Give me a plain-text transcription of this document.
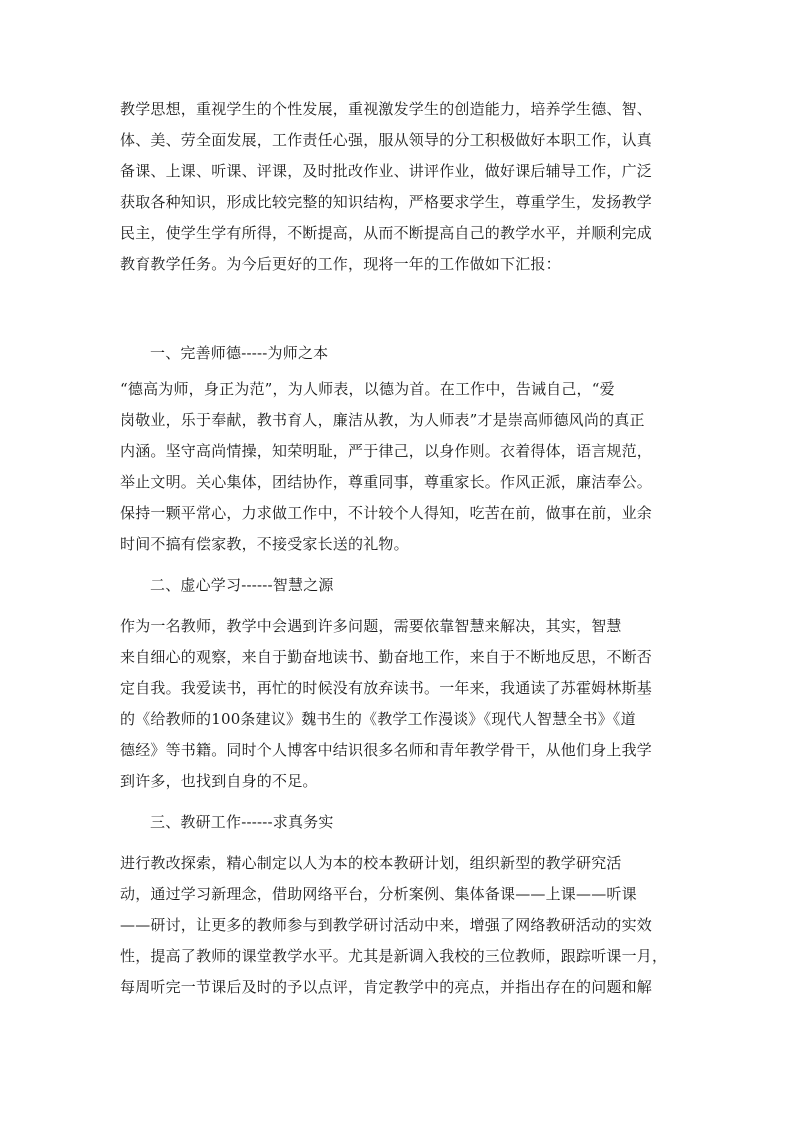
教学思想，重视学生的个性发展，重视激发学生的创造能力，培养学生德、智、
体、美、劳全面发展，工作责任心强，服从领导的分工积极做好本职工作，认真
备课、上课、听课、评课，及时批改作业、讲评作业，做好课后辅导工作，广泛
获取各种知识，形成比较完整的知识结构，严格要求学生，尊重学生，发扬教学
民主，使学生学有所得，不断提高，从而不断提高自己的教学水平，并顺利完成
教育教学任务。为今后更好的工作，现将一年的工作做如下汇报：
一、完善师德-----为师之本
“德高为师，身正为范”，为人师表，以德为首。在工作中，告诫自己，“爱
岗敬业，乐于奉献，教书育人，廉洁从教，为人师表”才是崇高师德风尚的真正
内涵。坚守高尚情操，知荣明耻，严于律己，以身作则。衣着得体，语言规范，
举止文明。关心集体，团结协作，尊重同事，尊重家长。作风正派，廉洁奉公。
保持一颗平常心，力求做工作中，不计较个人得知，吃苦在前，做事在前，业余
时间不搞有偿家教，不接受家长送的礼物。
二、虚心学习------智慧之源
作为一名教师，教学中会遇到许多问题，需要依靠智慧来解决，其实，智慧
来自细心的观察，来自于勤奋地读书、勤奋地工作，来自于不断地反思，不断否
定自我。我爱读书，再忙的时候没有放弃读书。一年来，我通读了苏霍姆林斯基
的《给教师的100条建议》魏书生的《教学工作漫谈》《现代人智慧全书》《道
德经》等书籍。同时个人博客中结识很多名师和青年教学骨干，从他们身上我学
到许多，也找到自身的不足。
三、教研工作------求真务实
进行教改探索，精心制定以人为本的校本教研计划，组织新型的教学研究活
动，通过学习新理念，借助网络平台，分析案例、集体备课——上课——听课
——研讨，让更多的教师参与到教学研讨活动中来，增强了网络教研活动的实效
性，提高了教师的课堂教学水平。尤其是新调入我校的三位教师，跟踪听课一月，
每周听完一节课后及时的予以点评，肯定教学中的亮点，并指出存在的问题和解
